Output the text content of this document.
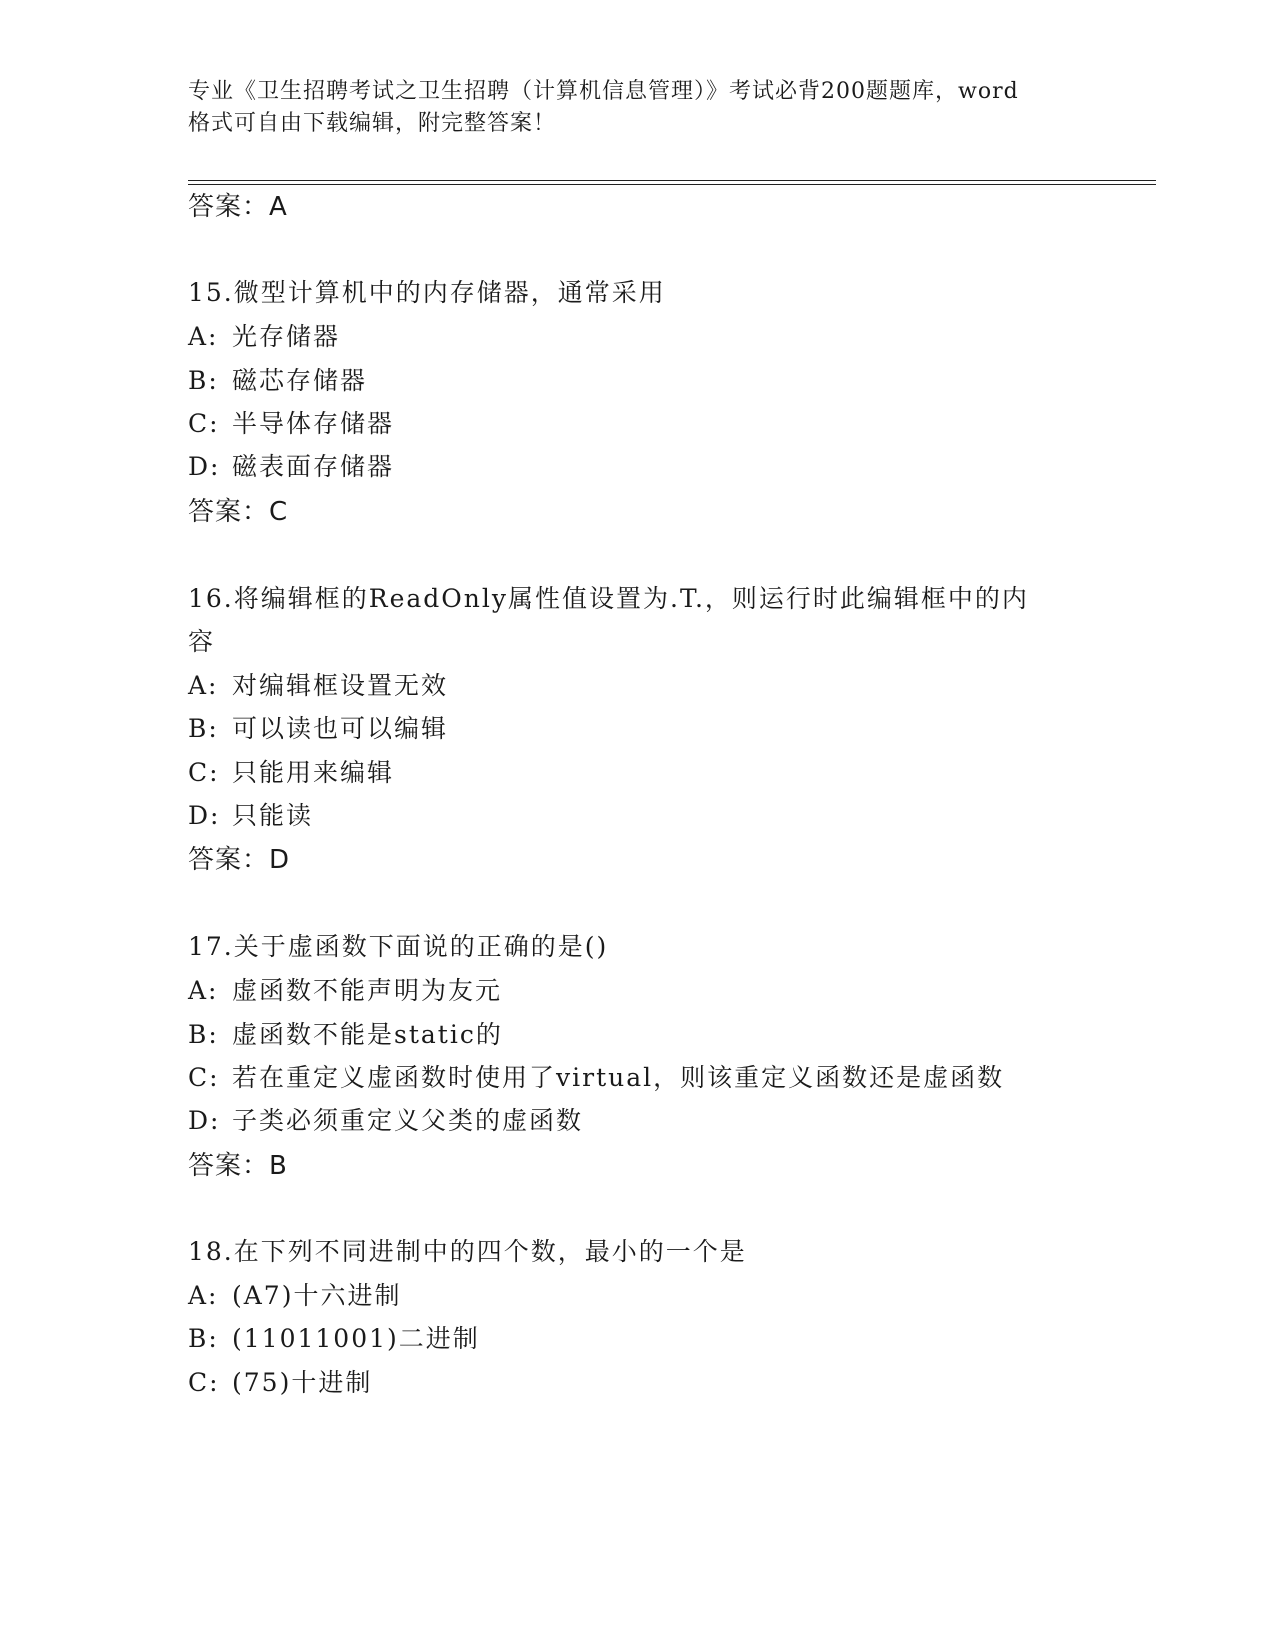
专业《卫生招聘考试之卫生招聘（计算机信息管理）》考试必背200题题库，word
格式可自由下载编辑，附完整答案！
答案：A
15.微型计算机中的内存储器，通常采用
A: 光存储器
B: 磁芯存储器
C: 半导体存储器
D: 磁表面存储器
答案：C
16.将编辑框的ReadOnly属性值设置为.T.，则运行时此编辑框中的内
容
A: 对编辑框设置无效
B: 可以读也可以编辑
C: 只能用来编辑
D: 只能读
答案：D
17.关于虚函数下面说的正确的是()
A: 虚函数不能声明为友元
B: 虚函数不能是static的
C: 若在重定义虚函数时使用了virtual，则该重定义函数还是虚函数
D: 子类必须重定义父类的虚函数
答案：B
18.在下列不同进制中的四个数，最小的一个是
A: (A7)十六进制
B: (11011001)二进制
C: (75)十进制
